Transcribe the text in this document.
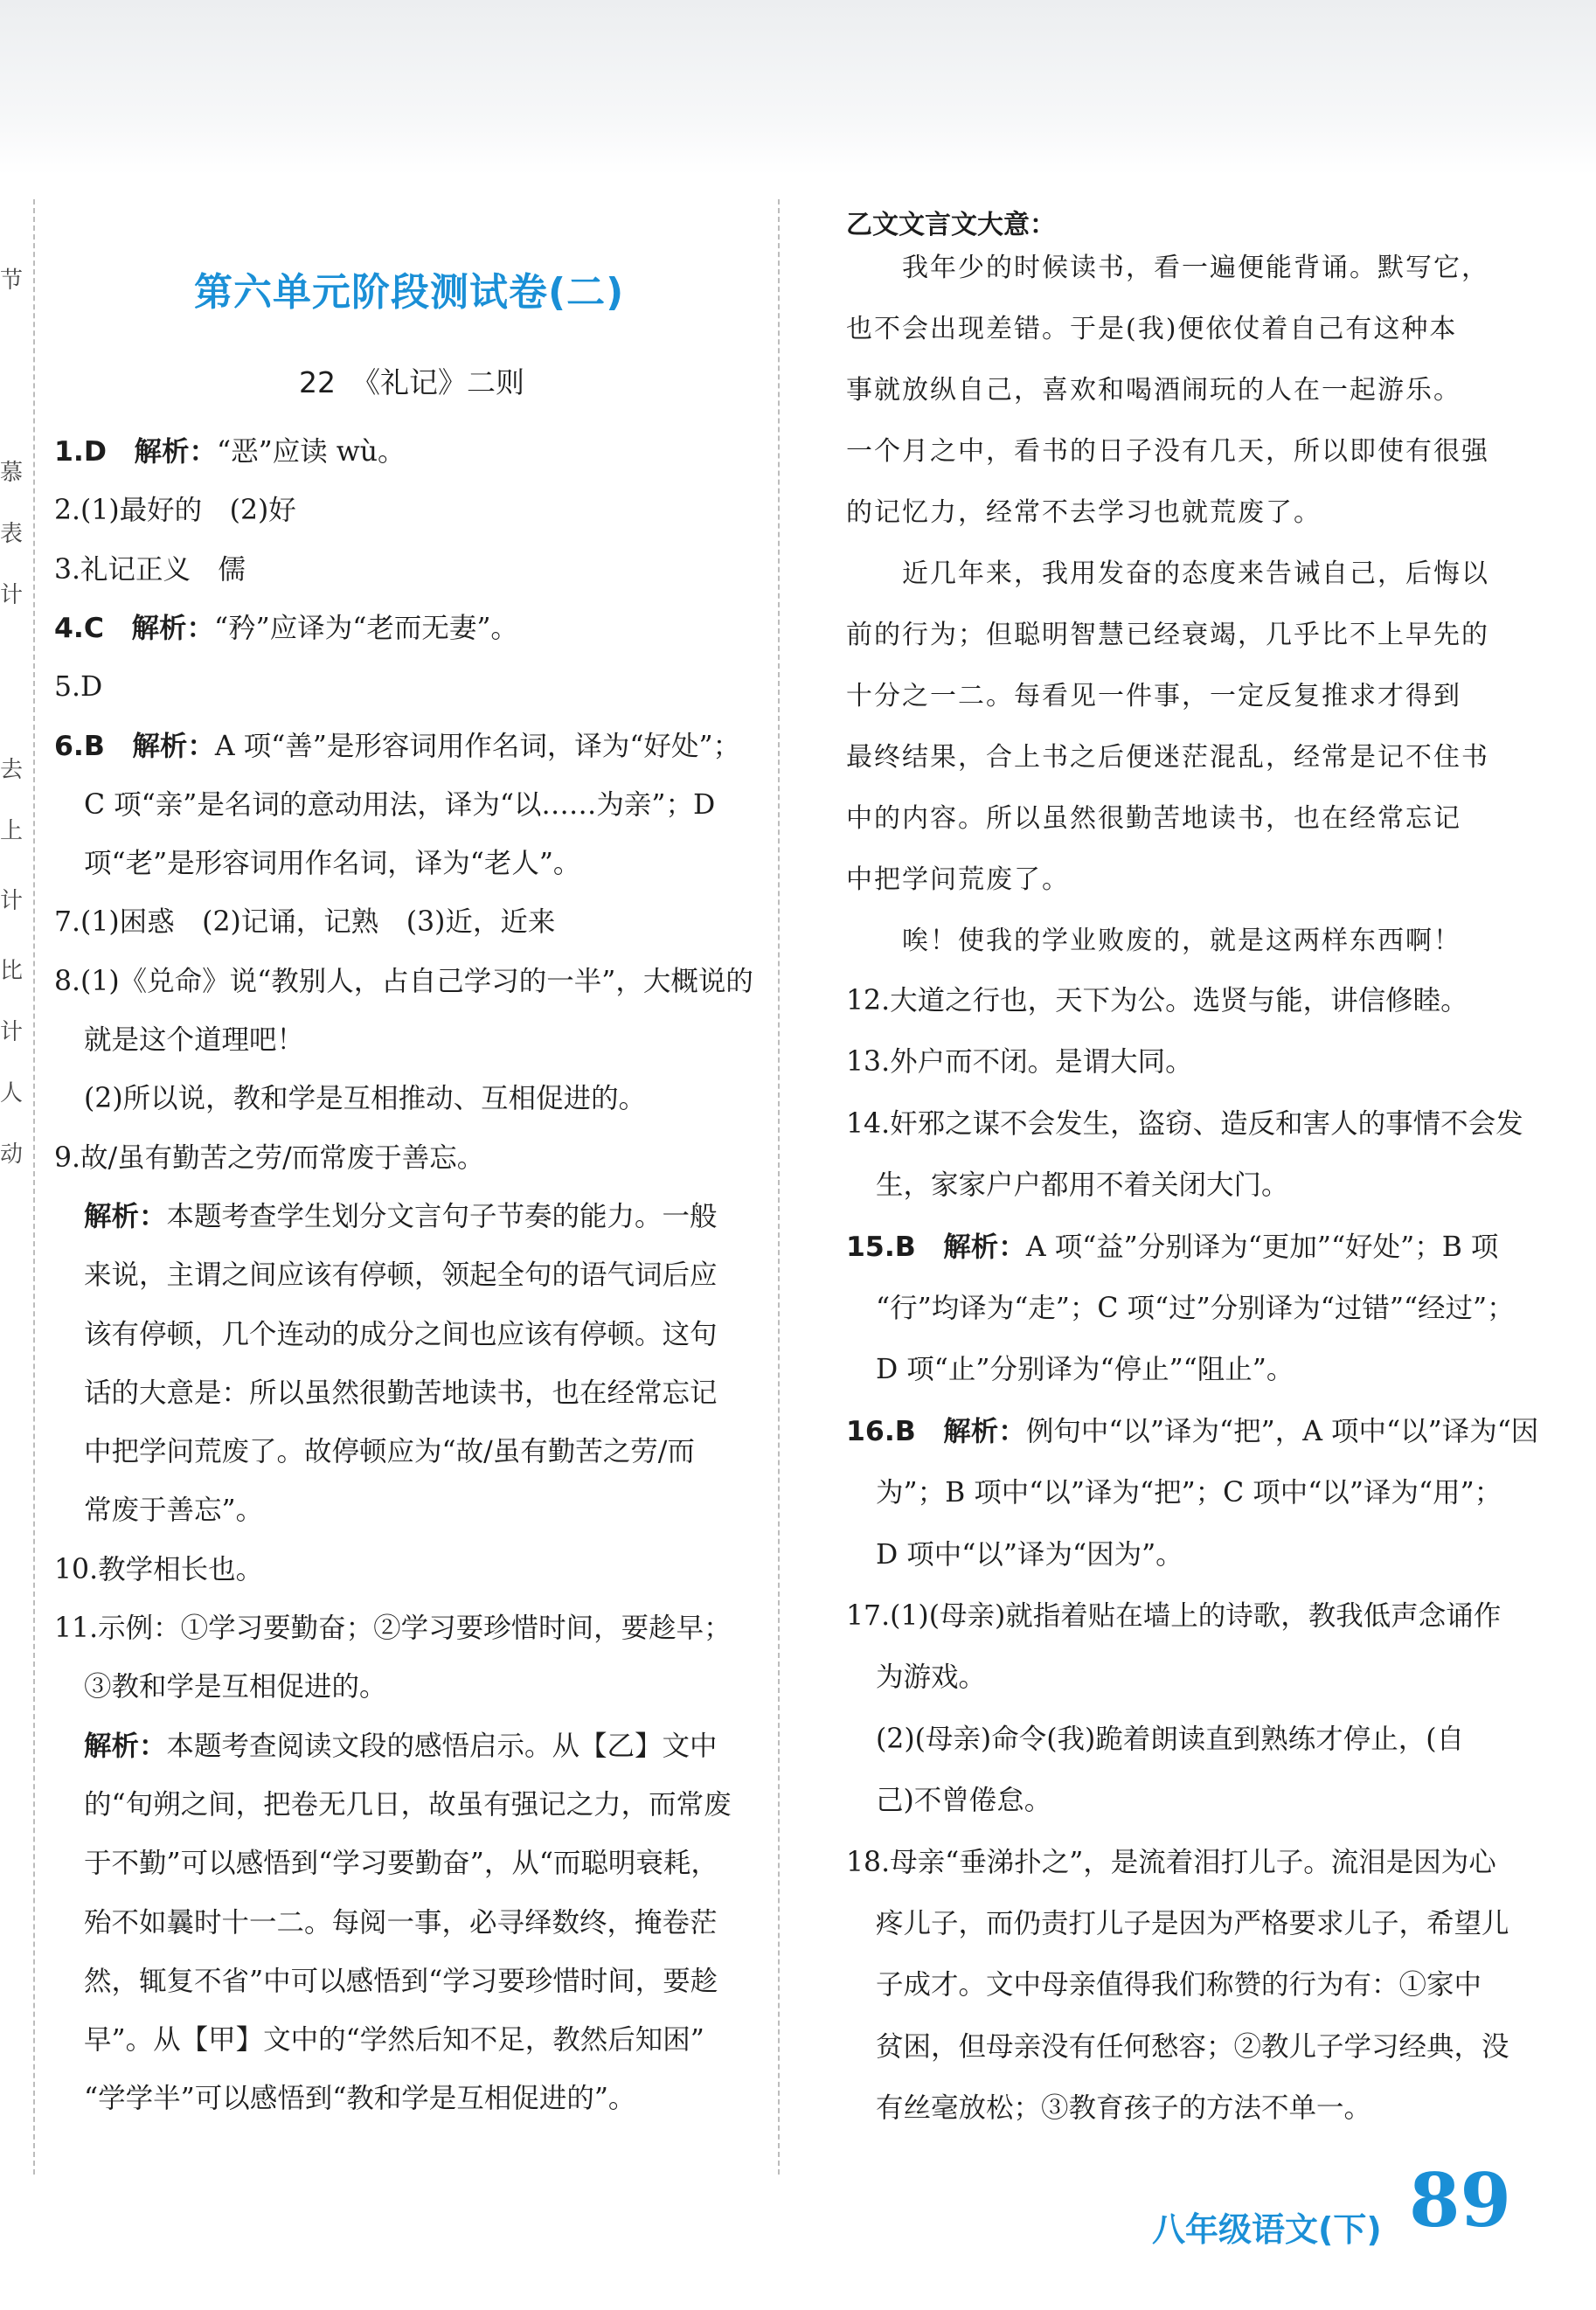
节
慕
表
计
去
上
计
比
计
人
动
第六单元阶段测试卷(二)
22 《礼记》二则
1.D　解析：“恶”应读 wù。
2.(1)最好的　(2)好
3.礼记正义　儒
4.C　解析：“矜”应译为“老而无妻”。
5.D
6.B　解析：A 项“善”是形容词用作名词，译为“好处”；
C 项“亲”是名词的意动用法，译为“以……为亲”；D
项“老”是形容词用作名词，译为“老人”。
7.(1)困惑　(2)记诵，记熟　(3)近，近来
8.(1)《兑命》说“教别人，占自己学习的一半”，大概说的
就是这个道理吧！
(2)所以说，教和学是互相推动、互相促进的。
9.故/虽有勤苦之劳/而常废于善忘。
解析：本题考查学生划分文言句子节奏的能力。一般
来说，主谓之间应该有停顿，领起全句的语气词后应
该有停顿，几个连动的成分之间也应该有停顿。这句
话的大意是：所以虽然很勤苦地读书，也在经常忘记
中把学问荒废了。故停顿应为“故/虽有勤苦之劳/而
常废于善忘”。
10.教学相长也。
11.示例：①学习要勤奋；②学习要珍惜时间，要趁早；
③教和学是互相促进的。
解析：本题考查阅读文段的感悟启示。从【乙】文中
的“旬朔之间，把卷无几日，故虽有强记之力，而常废
于不勤”可以感悟到“学习要勤奋”，从“而聪明衰耗，
殆不如曩时十一二。每阅一事，必寻绎数终，掩卷茫
然，辄复不省”中可以感悟到“学习要珍惜时间，要趁
早”。从【甲】文中的“学然后知不足，教然后知困”
“学学半”可以感悟到“教和学是互相促进的”。
乙文文言文大意：
　　我年少的时候读书，看一遍便能背诵。默写它，
也不会出现差错。于是(我)便依仗着自己有这种本
事就放纵自己，喜欢和喝酒闹玩的人在一起游乐。
一个月之中，看书的日子没有几天，所以即使有很强
的记忆力，经常不去学习也就荒废了。
　　近几年来，我用发奋的态度来告诫自己，后悔以
前的行为；但聪明智慧已经衰竭，几乎比不上早先的
十分之一二。每看见一件事，一定反复推求才得到
最终结果，合上书之后便迷茫混乱，经常是记不住书
中的内容。所以虽然很勤苦地读书，也在经常忘记
中把学问荒废了。
　　唉！使我的学业败废的，就是这两样东西啊！
12.大道之行也，天下为公。选贤与能，讲信修睦。
13.外户而不闭。是谓大同。
14.奸邪之谋不会发生，盗窃、造反和害人的事情不会发
生，家家户户都用不着关闭大门。
15.B　解析：A 项“益”分别译为“更加”“好处”；B 项
“行”均译为“走”；C 项“过”分别译为“过错”“经过”；
D 项“止”分别译为“停止”“阻止”。
16.B　解析：例句中“以”译为“把”，A 项中“以”译为“因
为”；B 项中“以”译为“把”；C 项中“以”译为“用”；
D 项中“以”译为“因为”。
17.(1)(母亲)就指着贴在墙上的诗歌，教我低声念诵作
为游戏。
(2)(母亲)命令(我)跪着朗读直到熟练才停止，(自
己)不曾倦怠。
18.母亲“垂涕扑之”，是流着泪打儿子。流泪是因为心
疼儿子，而仍责打儿子是因为严格要求儿子，希望儿
子成才。文中母亲值得我们称赞的行为有：①家中
贫困，但母亲没有任何愁容；②教儿子学习经典，没
有丝毫放松；③教育孩子的方法不单一。
八年级语文(下) 89
